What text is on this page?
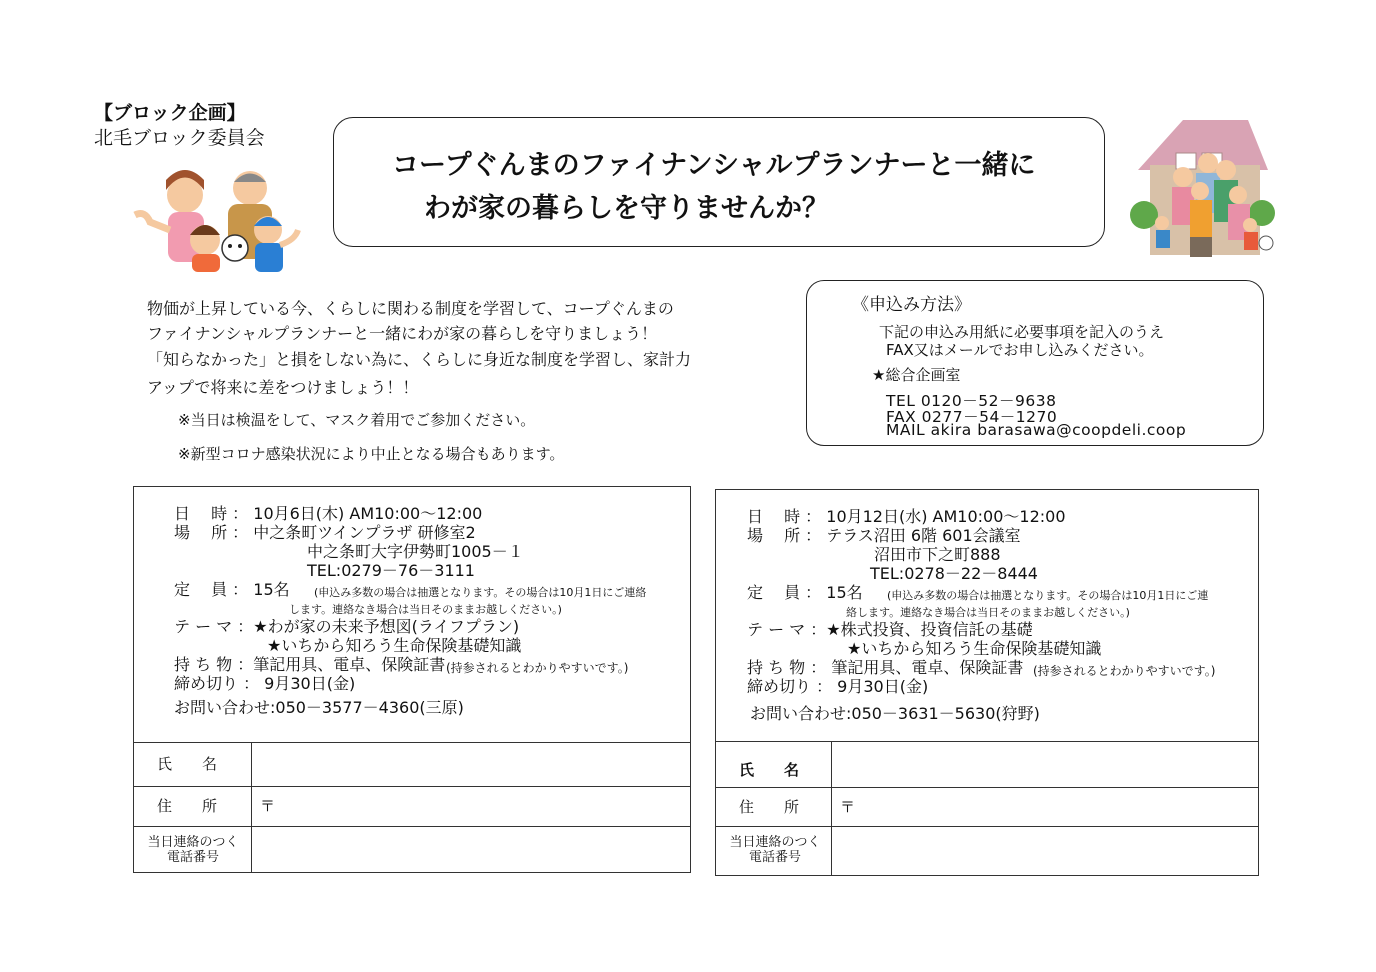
【ブロック企画】
北毛ブロック委員会
コープぐんまのファイナンシャルプランナーと一緒に
わが家の暮らしを守りませんか？
物価が上昇している今、くらしに関わる制度を学習して、コープぐんまの
ファイナンシャルプランナーと一緒にわが家の暮らしを守りましょう！
「知らなかった」と損をしない為に、くらしに身近な制度を学習し、家計力
アップで将来に差をつけましょう！！
※当日は検温をして、マスク着用でご参加ください。
※新型コロナ感染状況により中止となる場合もあります。
《申込み方法》
下記の申込み用紙に必要事項を記入のうえ
FAX又はメールでお申し込みください。
★総合企画室
TEL 0120－52－9638
FAX 0277－54－1270
MAIL akira barasawa@coopdeli.coop
日　 時 ： 10月6日(木) AM10:00～12:00
場　 所 ： 中之条町ツインプラザ 研修室2
中之条町大字伊勢町1005－１
TEL:0279－76－3111
定　 員 ： 15名 (申込み多数の場合は抽選となります。その場合は10月1日にご連絡
します。連絡なき場合は当日そのままお越しください。)
テ ー マ ：★わが家の未来予想図(ライフプラン)
★いちから知ろう生命保険基礎知識
持 ち 物 ：筆記用具、電卓、保険証書 (持参されるとわかりやすいです。)
締め切り ： 9月30日(金)
お問い合わせ:050－3577－4360(三原)
氏　　名
住　　所	〒
当日連絡のつく
電話番号
日　 時 ： 10月12日(水) AM10:00～12:00
場　 所 ： テラス沼田 6階 601会議室
沼田市下之町888
TEL:0278－22－8444
定　 員 ： 15名 (申込み多数の場合は抽選となります。その場合は10月1日にご連
絡します。連絡なき場合は当日そのままお越しください。)
テ ー マ ：★株式投資、投資信託の基礎
★いちから知ろう生命保険基礎知識
持 ち 物 ： 筆記用具、電卓、保険証書 (持参されるとわかりやすいです。)
締め切り ： 9月30日(金)
お問い合わせ:050－3631－5630(狩野)
氏　　名
住　　所	〒
当日連絡のつく
電話番号
